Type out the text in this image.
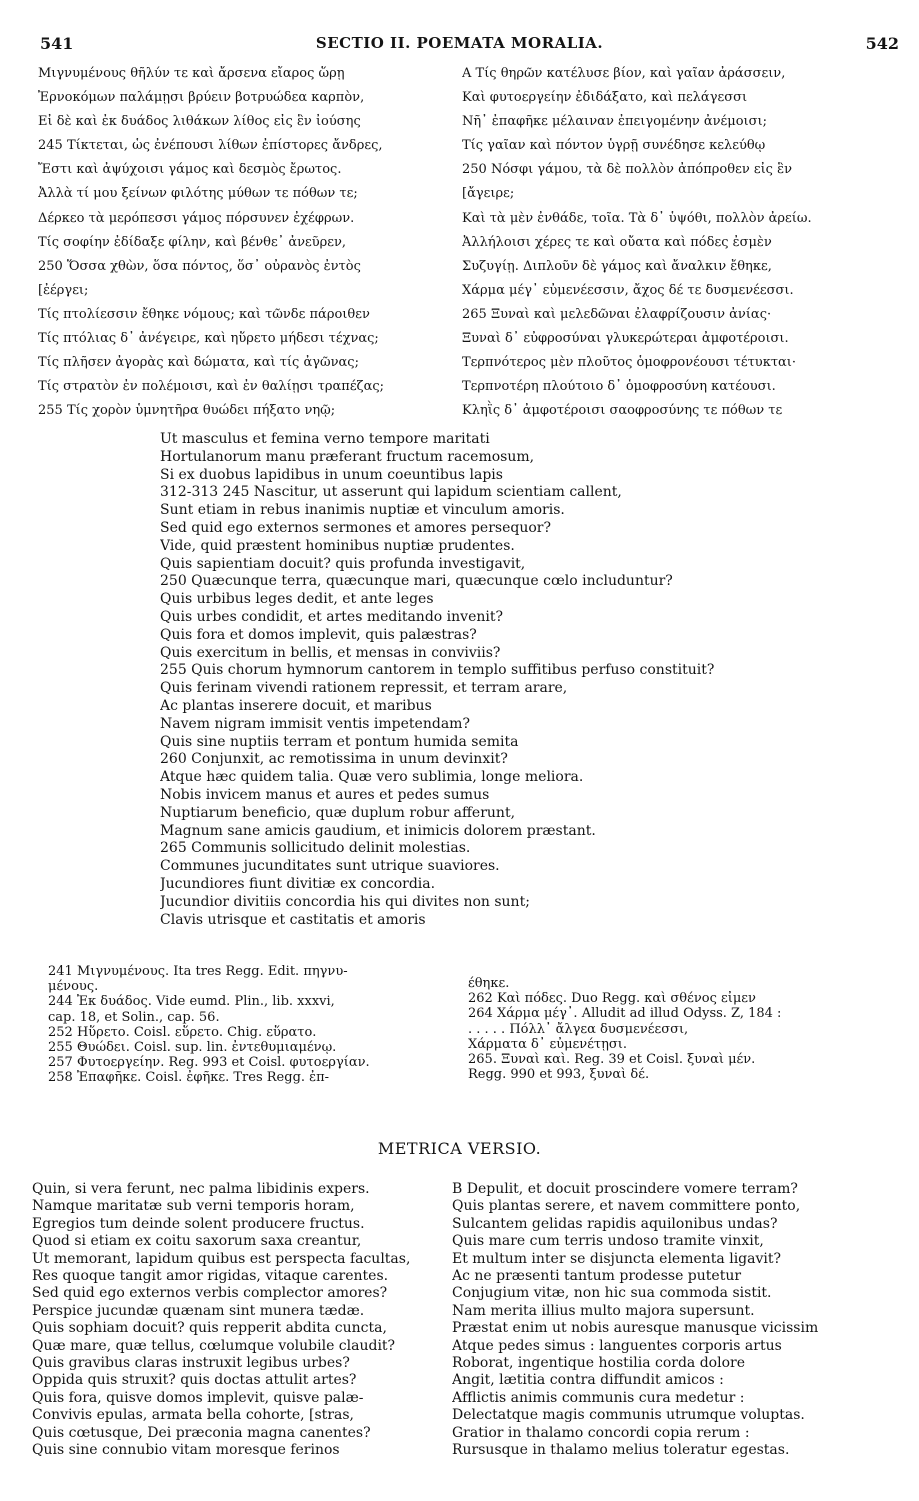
541	SECTIO II. POEMATA MORALIA.	542
Μιγνυμένους θῆλύν τε καὶ ἄρσενα εἴαρος ὥρῃ
Ἐρνοκόμων παλάμῃσι βρύειν βοτρυώδεα καρπὸν,
Εἰ δὲ καὶ ἐκ δυάδος λιθάκων λίθος εἰς ἓν ἰούσης
245 Τίκτεται, ὡς ἐνέπουσι λίθων ἐπίστορες ἄνδρες,
Ἔστι καὶ ἀψύχοισι γάμος καὶ δεσμὸς ἔρωτος.
Ἀλλὰ τί μου ξείνων φιλότης μύθων τε πόθων τε;
Δέρκεο τὰ μερόπεσσι γάμος πόρσυνεν ἐχέφρων.
Τίς σοφίην ἐδίδαξε φίλην, καὶ βένθε᾿ ἀνεῦρεν,
250 Ὅσσα χθὼν, ὅσα πόντος, ὅσ᾿ οὐρανὸς ἐντὸς
[ἐέργει;
Τίς πτολίεσσιν ἔθηκε νόμους; καὶ τῶνδε πάροιθεν
Τίς πτόλιας δ᾿ ἀνέγειρε, καὶ ηὕρετο μήδεσι τέχνας;
Τίς πλῆσεν ἀγορὰς καὶ δώματα, καὶ τίς ἀγῶνας;
Τίς στρατὸν ἐν πολέμοισι, καὶ ἐν θαλίῃσι τραπέζας;
255 Τίς χορὸν ὑμνητῆρα θυώδει πήξατο νηῷ;
A Τίς θηρῶν κατέλυσε βίον, καὶ γαῖαν ἀράσσειν,
Καὶ φυτοεργείην ἐδιδάξατο, καὶ πελάγεσσι
Νῆ᾿ ἐπαφῆκε μέλαιναν ἐπειγομένην ἀνέμοισι;
Τίς γαῖαν καὶ πόντον ὑγρῇ συνέδησε κελεύθῳ
250 Νόσφι γάμου, τὰ δὲ πολλὸν ἀπόπροθεν εἰς ἓν
[ἄγειρε;
Καὶ τὰ μὲν ἐνθάδε, τοῖα. Τὰ δ᾿ ὑψόθι, πολλὸν ἀρείω.
Ἀλλήλοισι χέρες τε καὶ οὔατα καὶ πόδες ἐσμὲν
Συζυγίῃ. Διπλοῦν δὲ γάμος καὶ ἄναλκιν ἔθηκε,
Χάρμα μέγ᾿ εὐμενέεσσιν, ἄχος δέ τε δυσμενέεσσι.
265 Ξυναὶ καὶ μελεδῶναι ἐλαφρίζουσιν ἀνίας·
Ξυναὶ δ᾿ εὐφροσύναι γλυκερώτεραι ἀμφοτέροισι.
Τερπνότερος μὲν πλοῦτος ὁμοφρονέουσι τέτυκται·
Τερπνοτέρη πλούτοιο δ᾿ ὁμοφροσύνη κατέουσι.
Κληῒς δ᾿ ἀμφοτέροισι σαοφροσύνης τε πόθων τε
Ut masculus et femina verno tempore maritati
Hortulanorum manu præferant fructum racemosum,
Si ex duobus lapidibus in unum coeuntibus lapis
312-313 245 Nascitur, ut asserunt qui lapidum scientiam callent,
Sunt etiam in rebus inanimis nuptiæ et vinculum amoris.
Sed quid ego externos sermones et amores persequor?
Vide, quid præstent hominibus nuptiæ prudentes.
Quis sapientiam docuit? quis profunda investigavit,
250 Quæcunque terra, quæcunque mari, quæcunque cœlo includuntur?
Quis urbibus leges dedit, et ante leges
Quis urbes condidit, et artes meditando invenit?
Quis fora et domos implevit, quis palæstras?
Quis exercitum in bellis, et mensas in conviviis?
255 Quis chorum hymnorum cantorem in templo suffitibus perfuso constituit?
Quis ferinam vivendi rationem repressit, et terram arare,
Ac plantas inserere docuit, et maribus
Navem nigram immisit ventis impetendam?
Quis sine nuptiis terram et pontum humida semita
260 Conjunxit, ac remotissima in unum devinxit?
Atque hæc quidem talia. Quæ vero sublimia, longe meliora.
Nobis invicem manus et aures et pedes sumus
Nuptiarum beneficio, quæ duplum robur afferunt,
Magnum sane amicis gaudium, et inimicis dolorem præstant.
265 Communis sollicitudo delinit molestias.
Communes jucunditates sunt utrique suaviores.
Jucundiores fiunt divitiæ ex concordia.
Jucundior divitiis concordia his qui divites non sunt;
Clavis utrisque et castitatis et amoris
241 Μιγνυμένους. Ita tres Regg. Edit. πηγνυ-
μένους.
244 Ἐκ δυάδος. Vide eumd. Plin., lib. xxxvi,
cap. 18, et Solin., cap. 56.
252 Ηὕρετο. Coisl. εὕρετο. Chig. εὕρατο.
255 Θυώδει. Coisl. sup. lin. ἐντεθυμιαμένῳ.
257 Φυτοεργείην. Reg. 993 et Coisl. φυτοεργίαν.
258 Ἐπαφῆκε. Coisl. ἐφῆκε. Tres Regg. ἐπ-
έθηκε.
262 Καὶ πόδες. Duo Regg. καὶ σθένος εἶμεν
264 Χάρμα μέγ᾿. Alludit ad illud Odyss. Z, 184 :
. . . . . Πόλλ᾿ ἄλγεα δυσμενέεσσι,
Χάρματα δ᾿ εὐμενέτῃσι.
265. Ξυναὶ καὶ. Reg. 39 et Coisl. ξυναὶ μέν.
Regg. 990 et 993, ξυναὶ δέ.
METRICA VERSIO.
Quin, si vera ferunt, nec palma libidinis expers.
Namque maritatæ sub verni temporis horam,
Egregios tum deinde solent producere fructus.
Quod si etiam ex coitu saxorum saxa creantur,
Ut memorant, lapidum quibus est perspecta facultas,
Res quoque tangit amor rigidas, vitaque carentes.
Sed quid ego externos verbis complector amores?
Perspice jucundæ quænam sint munera tædæ.
Quis sophiam docuit? quis repperit abdita cuncta,
Quæ mare, quæ tellus, cœlumque volubile claudit?
Quis gravibus claras instruxit legibus urbes?
Oppida quis struxit? quis doctas attulit artes?
Quis fora, quisve domos implevit, quisve palæ-
Convivis epulas, armata bella cohorte, [stras,
Quis cœtusque, Dei præconia magna canentes?
Quis sine connubio vitam moresque ferinos
B Depulit, et docuit proscindere vomere terram?
Quis plantas serere, et navem committere ponto,
Sulcantem gelidas rapidis aquilonibus undas?
Quis mare cum terris undoso tramite vinxit,
Et multum inter se disjuncta elementa ligavit?
Ac ne præsenti tantum prodesse putetur
Conjugium vitæ, non hic sua commoda sistit.
Nam merita illius multo majora supersunt.
Præstat enim ut nobis auresque manusque vicissim
Atque pedes simus : languentes corporis artus
Roborat, ingentique hostilia corda dolore
Angit, lætitia contra diffundit amicos :
Afflictis animis communis cura medetur :
Delectatque magis communis utrumque voluptas.
Gratior in thalamo concordi copia rerum :
Rursusque in thalamo melius toleratur egestas.
